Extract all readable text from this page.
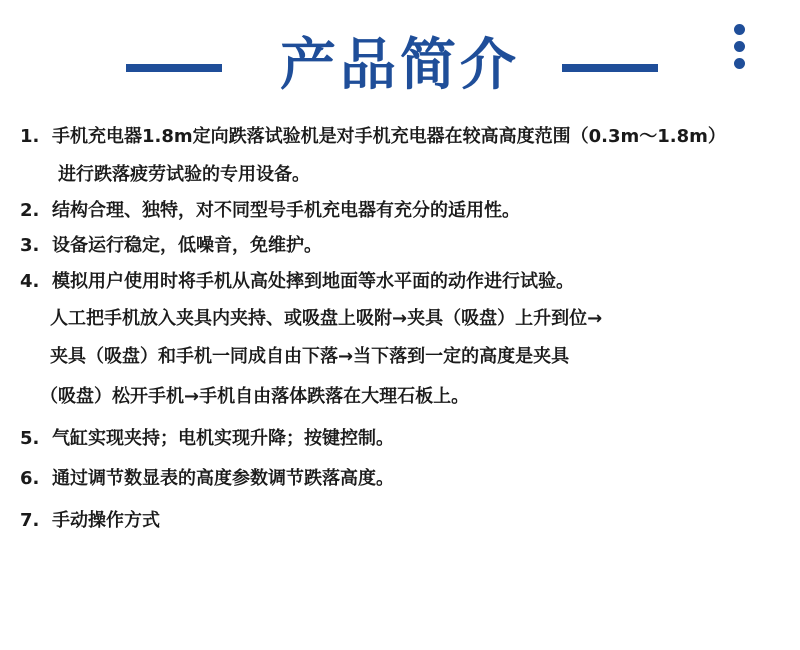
产品简介
1. 手机充电器1.8m定向跌落试验机是对手机充电器在较高高度范围（0.3m～1.8m）
进行跌落疲劳试验的专用设备。
2. 结构合理、独特，对不同型号手机充电器有充分的适用性。
3. 设备运行稳定，低噪音，免维护。
4. 模拟用户使用时将手机从高处摔到地面等水平面的动作进行试验。
人工把手机放入夹具内夹持、或吸盘上吸附→夹具（吸盘）上升到位→
夹具（吸盘）和手机一同成自由下落→当下落到一定的高度是夹具
（吸盘）松开手机→手机自由落体跌落在大理石板上。
5. 气缸实现夹持；电机实现升降；按键控制。
6. 通过调节数显表的高度参数调节跌落高度。
7. 手动操作方式
